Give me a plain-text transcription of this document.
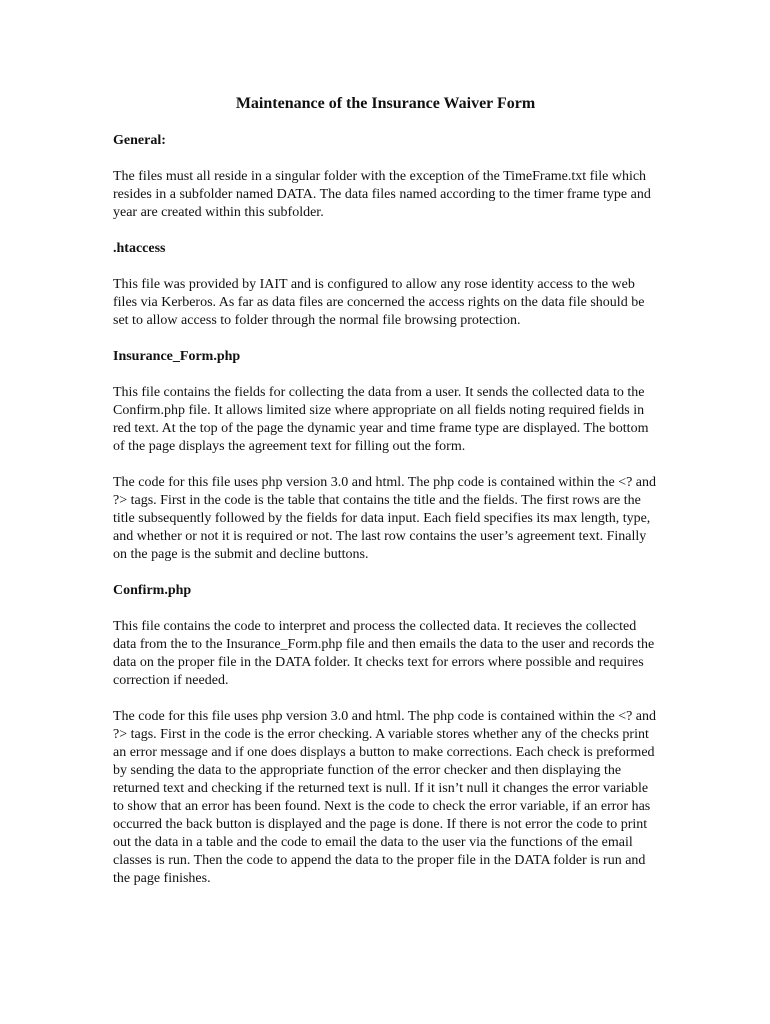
Maintenance of the Insurance Waiver Form
General:

The files must all reside in a singular folder with the exception of the TimeFrame.txt file which resides in a subfolder named DATA. The data files named according to the timer frame type and year are created within this subfolder.

.htaccess

This file was provided by IAIT and is configured to allow any rose identity access to the web files via Kerberos. As far as data files are concerned the access rights on the data file should be set to allow access to folder through the normal file browsing protection.

Insurance_Form.php

This file contains the fields for collecting the data from a user. It sends the collected data to the Confirm.php file. It allows limited size where appropriate on all fields noting required fields in red text. At the top of the page the dynamic year and time frame type are displayed. The bottom of the page displays the agreement text for filling out the form.

The code for this file uses php version 3.0 and html. The php code is contained within the <? and ?> tags. First in the code is the table that contains the title and the fields. The first rows are the title subsequently followed by the fields for data input. Each field specifies its max length, type, and whether or not it is required or not. The last row contains the user’s agreement text. Finally on the page is the submit and decline buttons.

Confirm.php

This file contains the code to interpret and process the collected data. It recieves the collected data from the to the Insurance_Form.php file and then emails the data to the user and records the data on the proper file in the DATA folder. It checks text for errors where possible and requires correction if needed.

The code for this file uses php version 3.0 and html. The php code is contained within the <? and ?> tags. First in the code is the error checking. A variable stores whether any of the checks print an error message and if one does displays a button to make corrections. Each check is preformed by sending the data to the appropriate function of the error checker and then displaying the returned text and checking if the returned text is null. If it isn’t null it changes the error variable to show that an error has been found. Next is the code to check the error variable, if an error has occurred the back button is displayed and the page is done. If there is not error the code to print out the data in a table and the code to email the data to the user via the functions of the email classes is run. Then the code to append the data to the proper file in the DATA folder is run and the page finishes.
